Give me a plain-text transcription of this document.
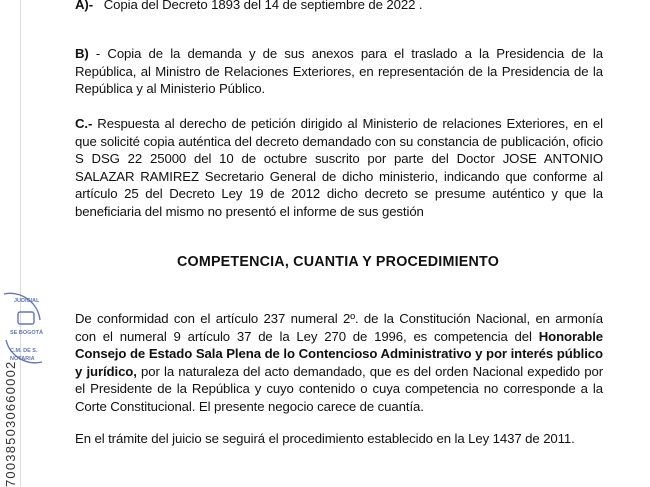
JUDICIAL
SE BOGOTÁ
C.M. DE S.
NOTARIA
700385030660002
A)- Copia del Decreto 1893 del 14 de septiembre de 2022 .
B) - Copia de la demanda y de sus anexos para el traslado a la Presidencia de la República, al Ministro de Relaciones Exteriores, en representación de la Presidencia de la República y al Ministerio Público.
C.- Respuesta al derecho de petición dirigido al Ministerio de relaciones Exteriores, en el que solicité copia auténtica del decreto demandado con su constancia de publicación, oficio S DSG 22 25000 del 10 de octubre suscrito por parte del Doctor JOSE ANTONIO SALAZAR RAMIREZ Secretario General de dicho ministerio, indicando que conforme al artículo 25 del Decreto Ley 19 de 2012 dicho decreto se presume auténtico y que la beneficiaria del mismo no presentó el informe de sus gestión
COMPETENCIA, CUANTIA Y PROCEDIMIENTO
De conformidad con el artículo 237 numeral 2º. de la Constitución Nacional, en armonía con el numeral 9 artículo 37 de la Ley 270 de 1996, es competencia del Honorable Consejo de Estado Sala Plena de lo Contencioso Administrativo y por interés público y jurídico, por la naturaleza del acto demandado, que es del orden Nacional expedido por el Presidente de la República y cuyo contenido o cuya competencia no corresponde a la Corte Constitucional. El presente negocio carece de cuantía.
En el trámite del juicio se seguirá el procedimiento establecido en la Ley 1437 de 2011.
